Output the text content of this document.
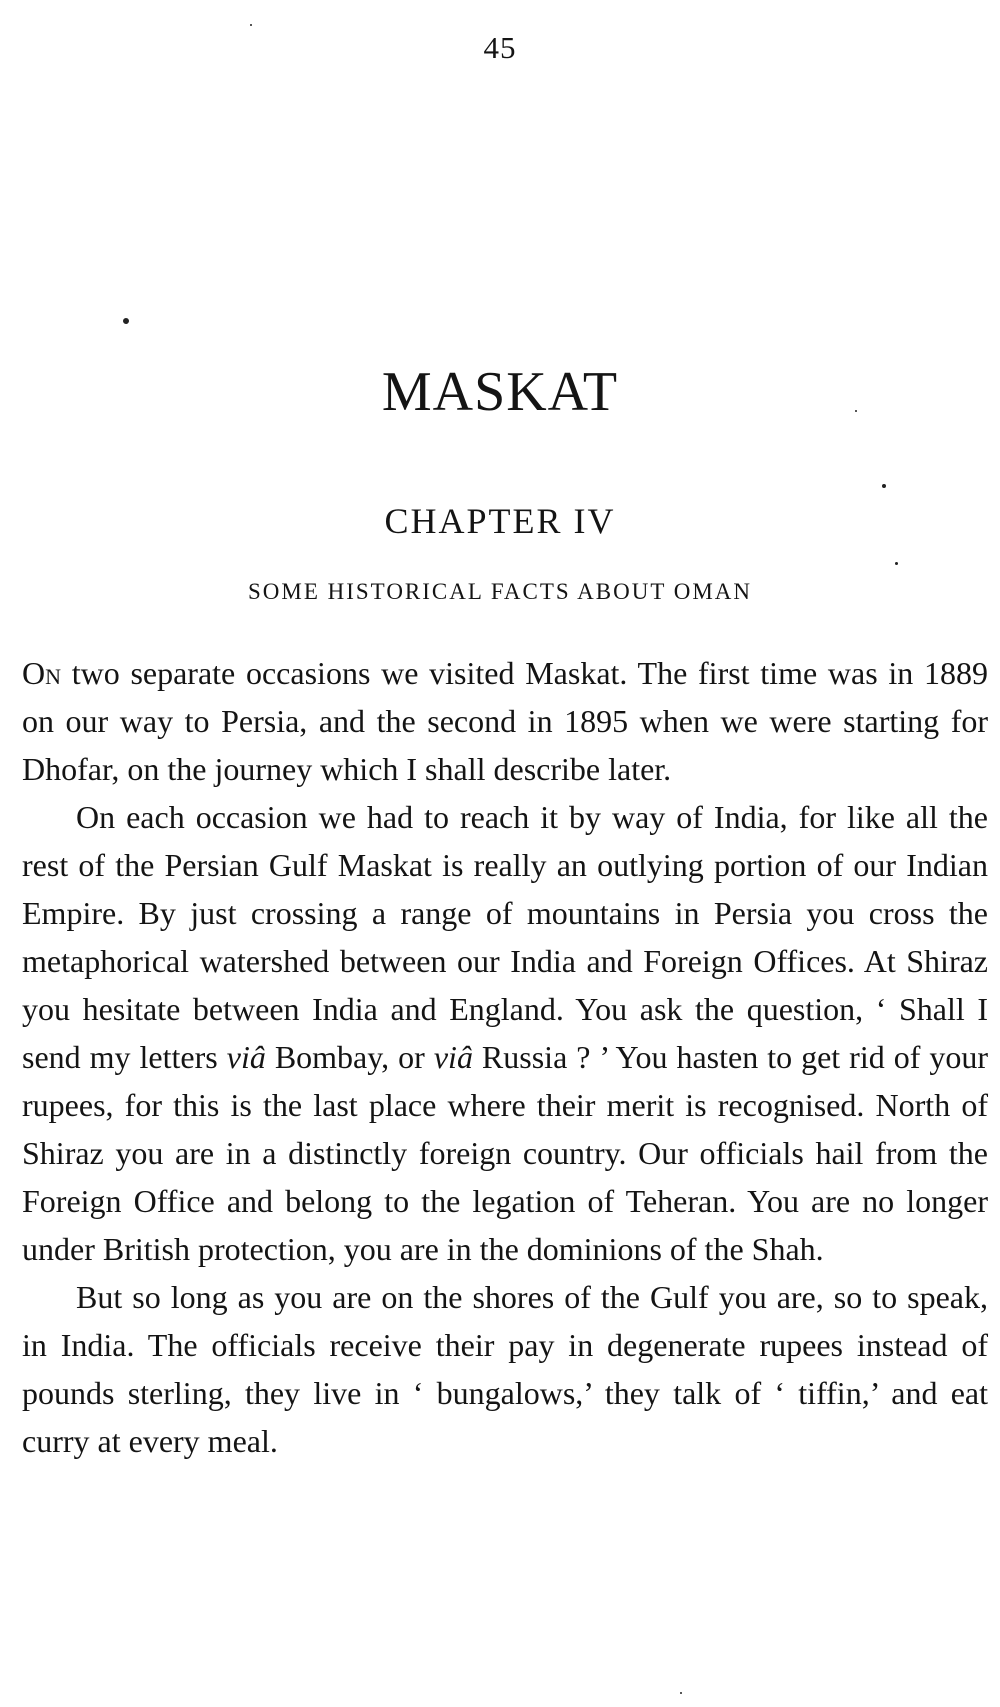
45
MASKAT
CHAPTER IV
SOME HISTORICAL FACTS ABOUT OMAN

On two separate occasions we visited Maskat. The first time was in 1889 on our way to Persia, and the second in 1895 when we were starting for Dhofar, on the journey which I shall describe later.

On each occasion we had to reach it by way of India, for like all the rest of the Persian Gulf Maskat is really an outlying portion of our Indian Empire. By just crossing a range of mountains in Persia you cross the metaphorical watershed between our India and Foreign Offices. At Shiraz you hesitate between India and England. You ask the question, ‘ Shall I send my letters viâ Bombay, or viâ Russia ? ’ You hasten to get rid of your rupees, for this is the last place where their merit is recognised. North of Shiraz you are in a distinctly foreign country. Our officials hail from the Foreign Office and belong to the legation of Teheran. You are no longer under British protection, you are in the dominions of the Shah.

But so long as you are on the shores of the Gulf you are, so to speak, in India. The officials receive their pay in degenerate rupees instead of pounds sterling, they live in ‘ bungalows,’ they talk of ‘ tiffin,’ and eat curry at every meal.
